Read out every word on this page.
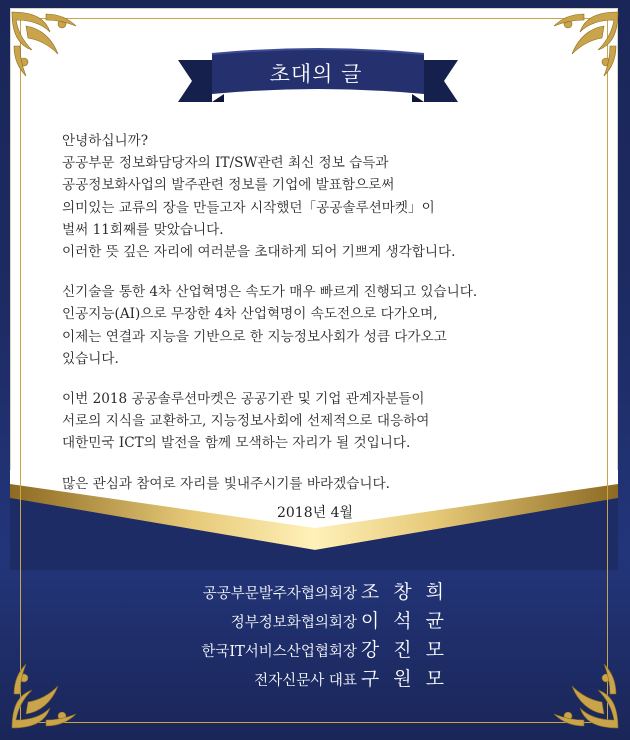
초대의 글

안녕하십니까?

공공부문 정보화담당자의 IT/SW관련 최신 정보 습득과

공공정보화사업의 발주관련 정보를 기업에 발표함으로써

의미있는 교류의 장을 만들고자 시작했던「공공솔루션마켓」이

벌써 11회째를 맞았습니다.

이러한 뜻 깊은 자리에 여러분을 초대하게 되어 기쁘게 생각합니다.

신기술을 통한 4차 산업혁명은 속도가 매우 빠르게 진행되고 있습니다.

인공지능(AI)으로 무장한 4차 산업혁명이 속도전으로 다가오며,

이제는 연결과 지능을 기반으로 한 지능정보사회가 성큼 다가오고

있습니다.

이번 2018 공공솔루션마켓은 공공기관 및 기업 관계자분들이

서로의 지식을 교환하고, 지능정보사회에 선제적으로 대응하여

대한민국 ICT의 발전을 함께 모색하는 자리가 될 것입니다.

많은 관심과 참여로 자리를 빛내주시기를 바라겠습니다.

2018년 4월
공공부문발주자협의회장 조 창 희
정부정보화협의회장 이 석 균
한국IT서비스산업협회장 강 진 모
전자신문사 대표 구 원 모
